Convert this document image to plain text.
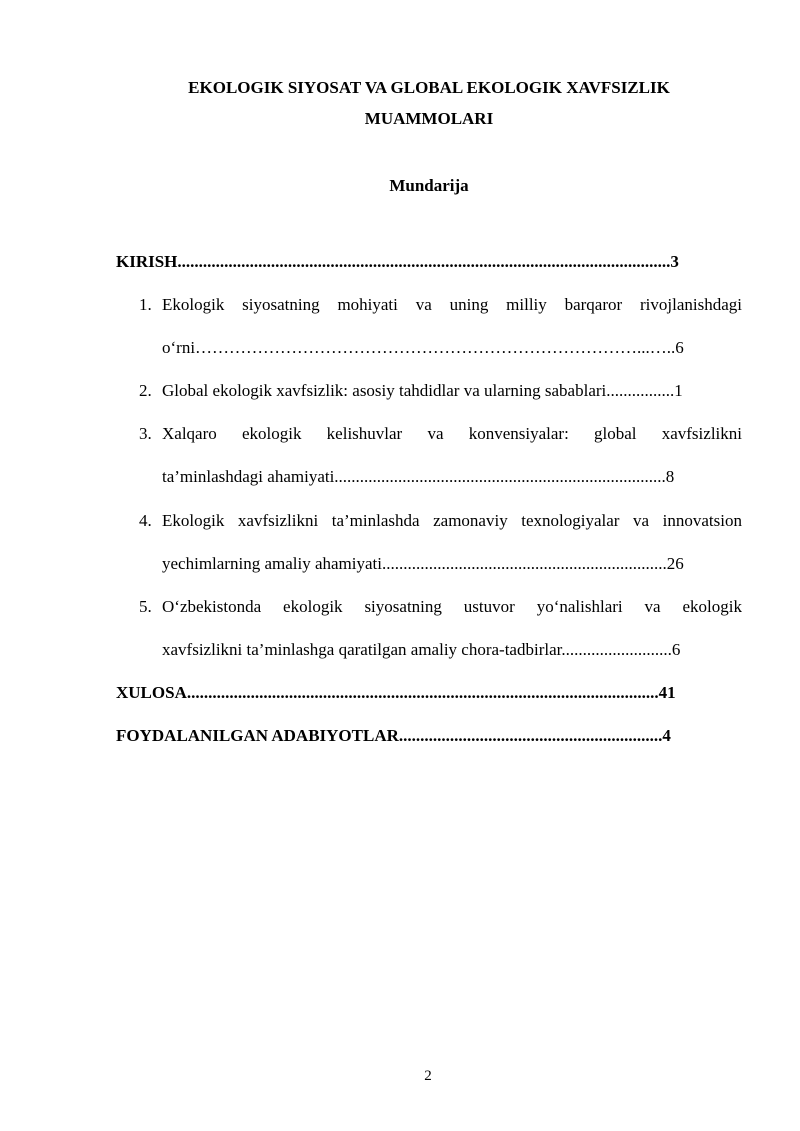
EKOLOGIK SIYOSAT VA GLOBAL EKOLOGIK XAVFSIZLIK
MUAMMOLARI
Mundarija
KIRISH....................................................................................................................3
1. Ekologik siyosatning mohiyati va uning milliy barqaror rivojlanishdagi
o‘rni……………………………………………………………………...…..6
2. Global ekologik xavfsizlik: asosiy tahdidlar va ularning sabablari................1
3. Xalqaro ekologik kelishuvlar va konvensiyalar: global xavfsizlikni
ta’minlashdagi ahamiyati..............................................................................8
4. Ekologik xavfsizlikni ta’minlashda zamonaviy texnologiyalar va innovatsion
yechimlarning amaliy ahamiyati...................................................................26
5. O‘zbekistonda ekologik siyosatning ustuvor yo‘nalishlari va ekologik
xavfsizlikni ta’minlashga qaratilgan amaliy chora-tadbirlar..........................6
XULOSA...............................................................................................................41
FOYDALANILGAN ADABIYOTLAR..............................................................4
2
